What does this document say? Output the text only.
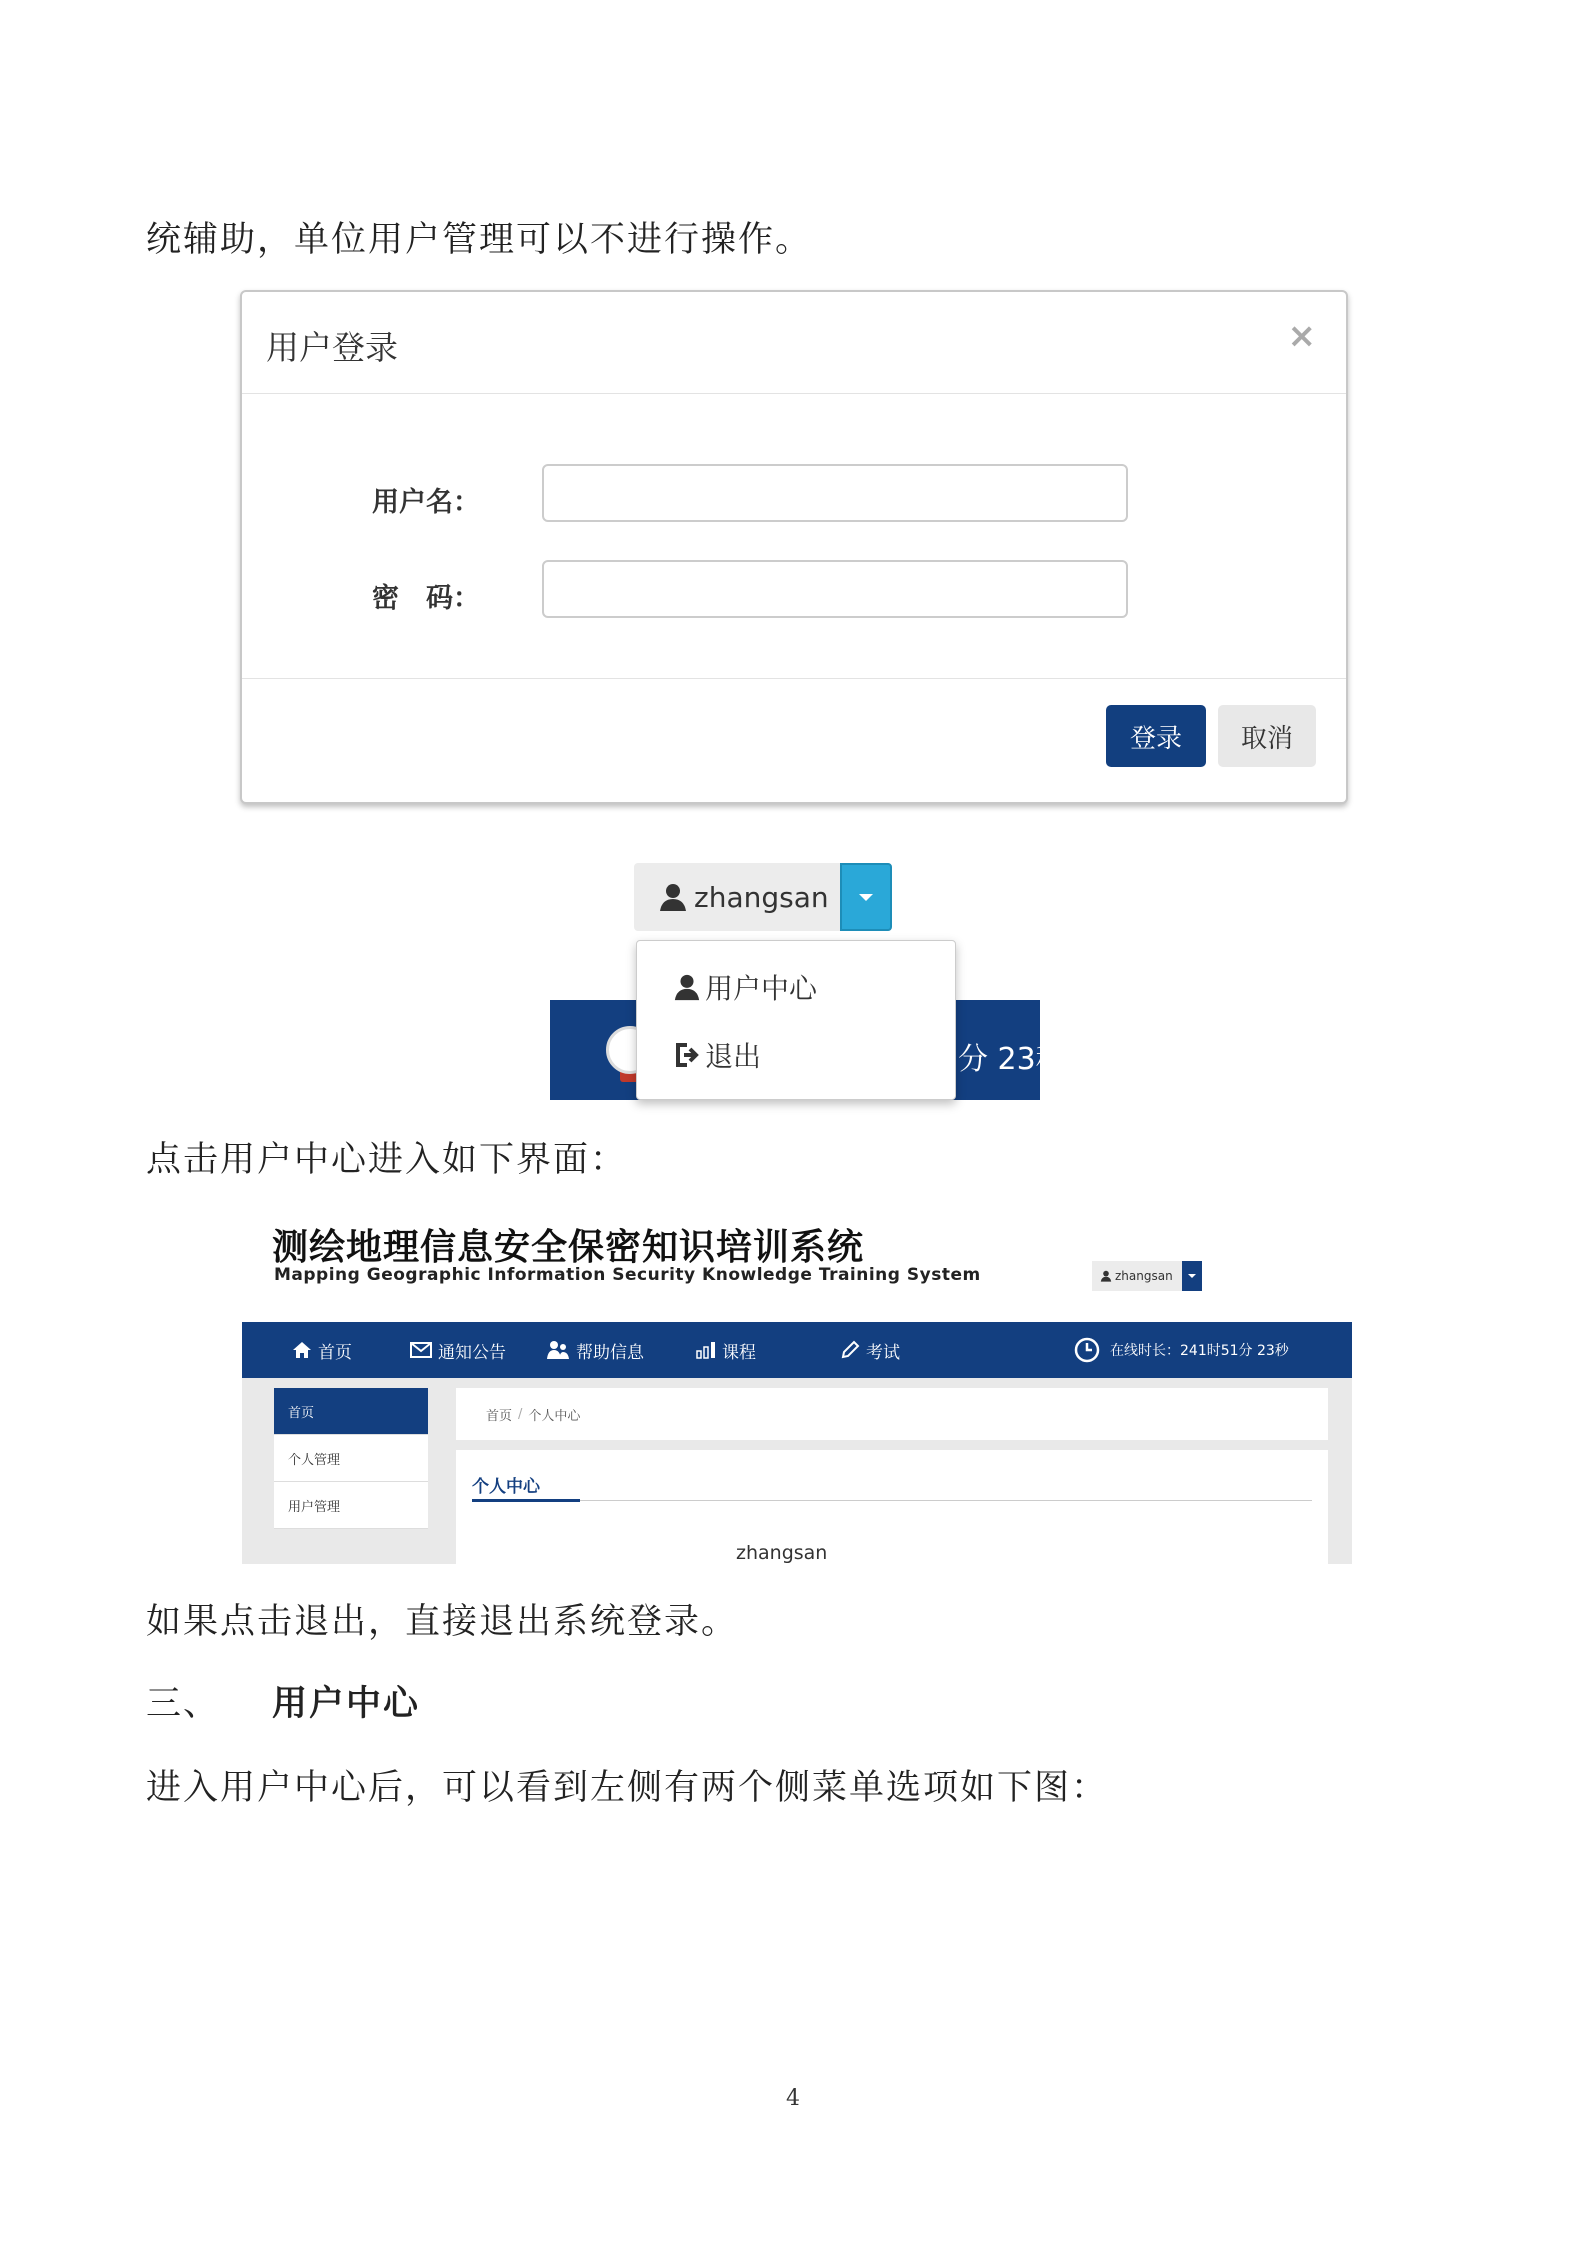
统辅助，单位用户管理可以不进行操作。
用户登录	×
用户名：
密　码：
登录	取消
分 23秒
zhangsan
用户中心
退出
点击用户中心进入如下界面：
测绘地理信息安全保密知识培训系统
Mapping Geographic Information Security Knowledge Training System	zhangsan
首页	通知公告	帮助信息	课程	考试	在线时长：241时51分 23秒
首页
个人管理
用户管理
首页 / 个人中心
个人中心
zhangsan
如果点击退出，直接退出系统登录。
三、 用户中心
进入用户中心后，可以看到左侧有两个侧菜单选项如下图：
4
